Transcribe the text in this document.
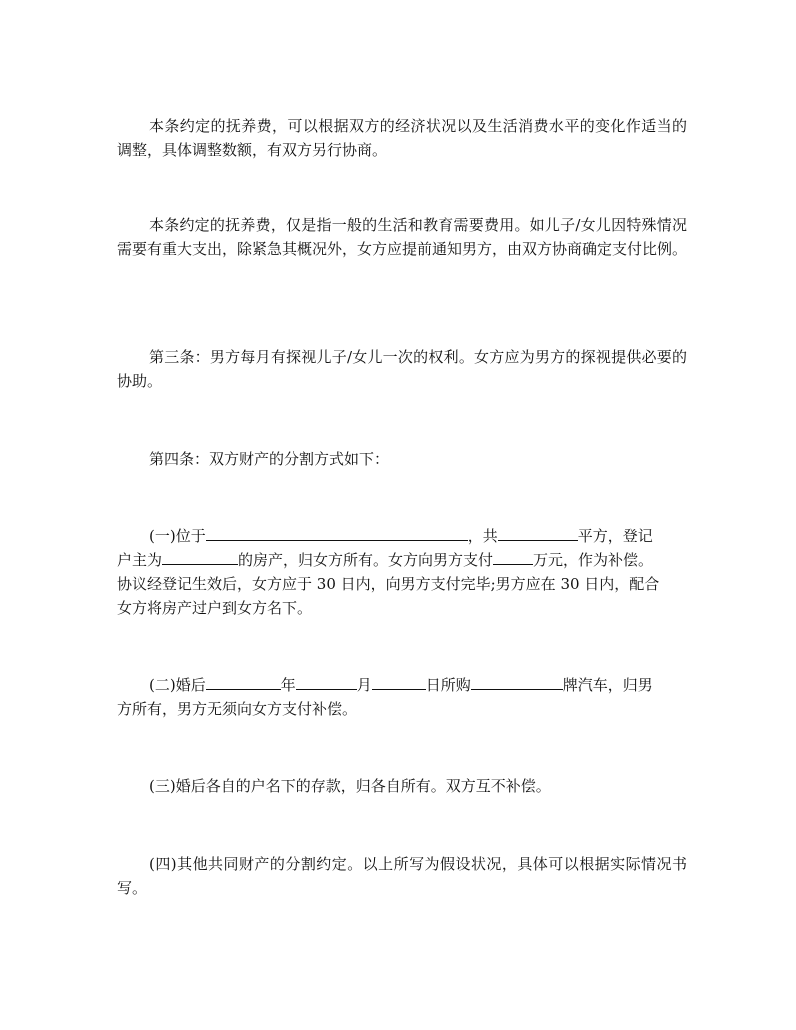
本条约定的抚养费，可以根据双方的经济状况以及生活消费水平的变化作适当的调整，具体调整数额，有双方另行协商。

本条约定的抚养费，仅是指一般的生活和教育需要费用。如儿子/女儿因特殊情况需要有重大支出，除紧急其概况外，女方应提前通知男方，由双方协商确定支付比例。

第三条：男方每月有探视儿子/女儿一次的权利。女方应为男方的探视提供必要的协助。

第四条：双方财产的分割方式如下：

(一)位于	，共	平方，登记
户主为	的房产，归女方所有。女方向男方支付	万元，作为补偿。
协议经登记生效后，女方应于 30 日内，向男方支付完毕;男方应在 30 日内，配合
女方将房产过户到女方名下。
(二)婚后	年	月	日所购	牌汽车，归男
方所有，男方无须向女方支付补偿。

(三)婚后各自的户名下的存款，归各自所有。双方互不补偿。

(四)其他共同财产的分割约定。以上所写为假设状况，具体可以根据实际情况书写。
